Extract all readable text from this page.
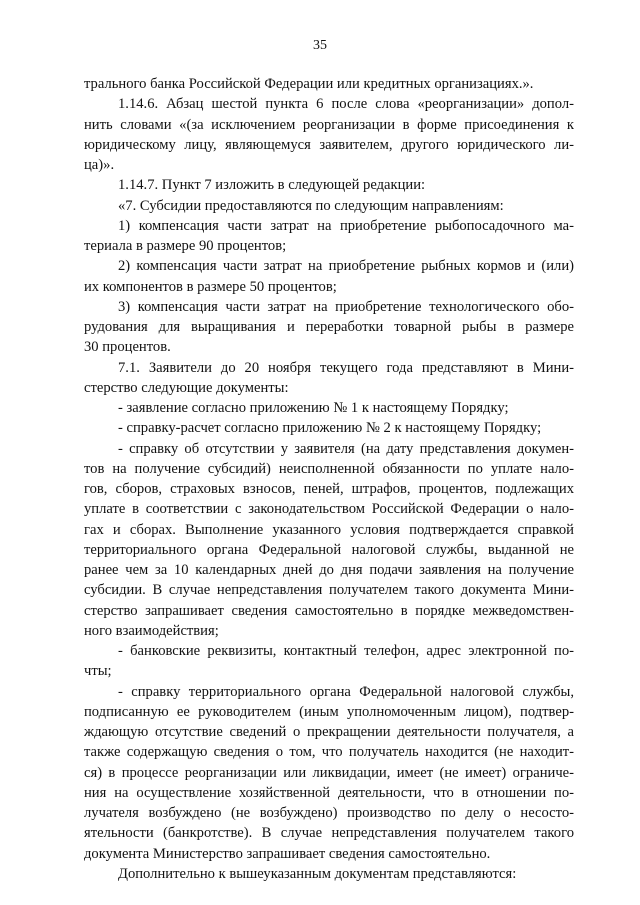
35
трального банка Российской Федерации или кредитных организациях.».
1.14.6. Абзац шестой пункта 6 после слова «реорганизации» допол-
нить словами «(за исключением реорганизации в форме присоединения к
юридическому лицу, являющемуся заявителем, другого юридического ли-
ца)».
1.14.7. Пункт 7 изложить в следующей редакции:
«7. Субсидии предоставляются по следующим направлениям:
1) компенсация части затрат на приобретение рыбопосадочного ма-
териала в размере 90 процентов;
2) компенсация части затрат на приобретение рыбных кормов и (или)
их компонентов в размере 50 процентов;
3) компенсация части затрат на приобретение технологического обо-
рудования для выращивания и переработки товарной рыбы в размере
30 процентов.
7.1. Заявители до 20 ноября текущего года представляют в Мини-
стерство следующие документы:
- заявление согласно приложению № 1 к настоящему Порядку;
- справку-расчет согласно приложению № 2 к настоящему Порядку;
- справку об отсутствии у заявителя (на дату представления докумен-
тов на получение субсидий) неисполненной обязанности по уплате нало-
гов, сборов, страховых взносов, пеней, штрафов, процентов, подлежащих
уплате в соответствии с законодательством Российской Федерации о нало-
гах и сборах. Выполнение указанного условия подтверждается справкой
территориального органа Федеральной налоговой службы, выданной не
ранее чем за 10 календарных дней до дня подачи заявления на получение
субсидии. В случае непредставления получателем такого документа Мини-
стерство запрашивает сведения самостоятельно в порядке межведомствен-
ного взаимодействия;
- банковские реквизиты, контактный телефон, адрес электронной по-
чты;
- справку территориального органа Федеральной налоговой службы,
подписанную ее руководителем (иным уполномоченным лицом), подтвер-
ждающую отсутствие сведений о прекращении деятельности получателя, а
также содержащую сведения о том, что получатель находится (не находит-
ся) в процессе реорганизации или ликвидации, имеет (не имеет) ограниче-
ния на осуществление хозяйственной деятельности, что в отношении по-
лучателя возбуждено (не возбуждено) производство по делу о несосто-
ятельности (банкротстве). В случае непредставления получателем такого
документа Министерство запрашивает сведения самостоятельно.
Дополнительно к вышеуказанным документам представляются:
